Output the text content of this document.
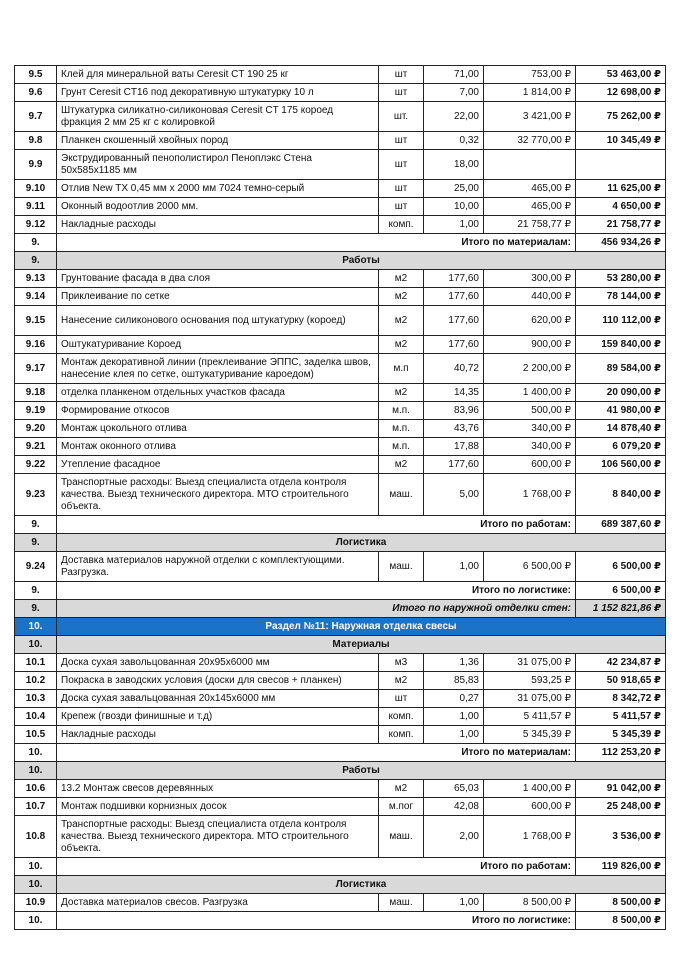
9.5	Клей для минеральной ваты Ceresit CT 190 25 кг	шт	71,00	753,00 ₽	53 463,00 ₽
9.6	Грунт Ceresit CT16 под декоративную штукатурку 10 л	шт	7,00	1 814,00 ₽	12 698,00 ₽
9.7	Штукатурка силикатно-силиконовая Ceresit CT 175 короед фракция 2 мм 25 кг с колировкой	шт.	22,00	3 421,00 ₽	75 262,00 ₽
9.8	Планкен скошенный хвойных пород	шт	0,32	32 770,00 ₽	10 345,49 ₽
9.9	Экструдированный пенополистирол Пеноплэкс Стена 50x585x1185 мм	шт	18,00		
9.10	Отлив New TX 0,45 мм х 2000 мм 7024 темно-серый	шт	25,00	465,00 ₽	11 625,00 ₽
9.11	Оконный водоотлив 2000 мм.	шт	10,00	465,00 ₽	4 650,00 ₽
9.12	Накладные расходы	комп.	1,00	21 758,77 ₽	21 758,77 ₽
9.	Итого по материалам:				456 934,26 ₽
9.	Работы				
9.13	Грунтование фасада в два слоя	м2	177,60	300,00 ₽	53 280,00 ₽
9.14	Приклеивание по сетке	м2	177,60	440,00 ₽	78 144,00 ₽
9.15	Нанесение силиконового основания под штукатурку (короед)	м2	177,60	620,00 ₽	110 112,00 ₽
9.16	Оштукатуривание Короед	м2	177,60	900,00 ₽	159 840,00 ₽
9.17	Монтаж декоративной линии (преклеивание ЭППС, заделка швов, нанесение клея по сетке, оштукатуривание кароедом)	м.п	40,72	2 200,00 ₽	89 584,00 ₽
9.18	отделка планкеном отдельных участков фасада	м2	14,35	1 400,00 ₽	20 090,00 ₽
9.19	Формирование откосов	м.п.	83,96	500,00 ₽	41 980,00 ₽
9.20	Монтаж цокольного отлива	м.п.	43,76	340,00 ₽	14 878,40 ₽
9.21	Монтаж оконного отлива	м.п.	17,88	340,00 ₽	6 079,20 ₽
9.22	Утепление фасадное	м2	177,60	600,00 ₽	106 560,00 ₽
9.23	Транспортные расходы: Выезд специалиста отдела контроля качества. Выезд технического директора. МТО строительного объекта.	маш.	5,00	1 768,00 ₽	8 840,00 ₽
9.	Итого по работам:				689 387,60 ₽
9.	Логистика				
9.24	Доставка материалов наружной отделки с комплектующими. Разгрузка.	маш.	1,00	6 500,00 ₽	6 500,00 ₽
9.	Итого по логистике:				6 500,00 ₽
9.	Итого по наружной отделки стен:				1 152 821,86 ₽
10.	Раздел №11: Наружная отделка свесы				
10.	Материалы				
10.1	Доска сухая завольцованная 20х95х6000 мм	м3	1,36	31 075,00 ₽	42 234,87 ₽
10.2	Покраска в заводских условия (доски для свесов + планкен)	м2	85,83	593,25 ₽	50 918,65 ₽
10.3	Доска сухая завальцованная 20х145х6000 мм	шт	0,27	31 075,00 ₽	8 342,72 ₽
10.4	Крепеж (гвозди финишные и т.д)	комп.	1,00	5 411,57 ₽	5 411,57 ₽
10.5	Накладные расходы	комп.	1,00	5 345,39 ₽	5 345,39 ₽
10.	Итого по материалам:				112 253,20 ₽
10.	Работы				
10.6	13.2 Монтаж свесов деревянных	м2	65,03	1 400,00 ₽	91 042,00 ₽
10.7	Монтаж подшивки корнизных досок	м.пог	42,08	600,00 ₽	25 248,00 ₽
10.8	Транспортные расходы: Выезд специалиста отдела контроля качества. Выезд технического директора. МТО строительного объекта.	маш.	2,00	1 768,00 ₽	3 536,00 ₽
10.	Итого по работам:				119 826,00 ₽
10.	Логистика				
10.9	Доставка материалов свесов. Разгрузка	маш.	1,00	8 500,00 ₽	8 500,00 ₽
10.	Итого по логистике:				8 500,00 ₽
